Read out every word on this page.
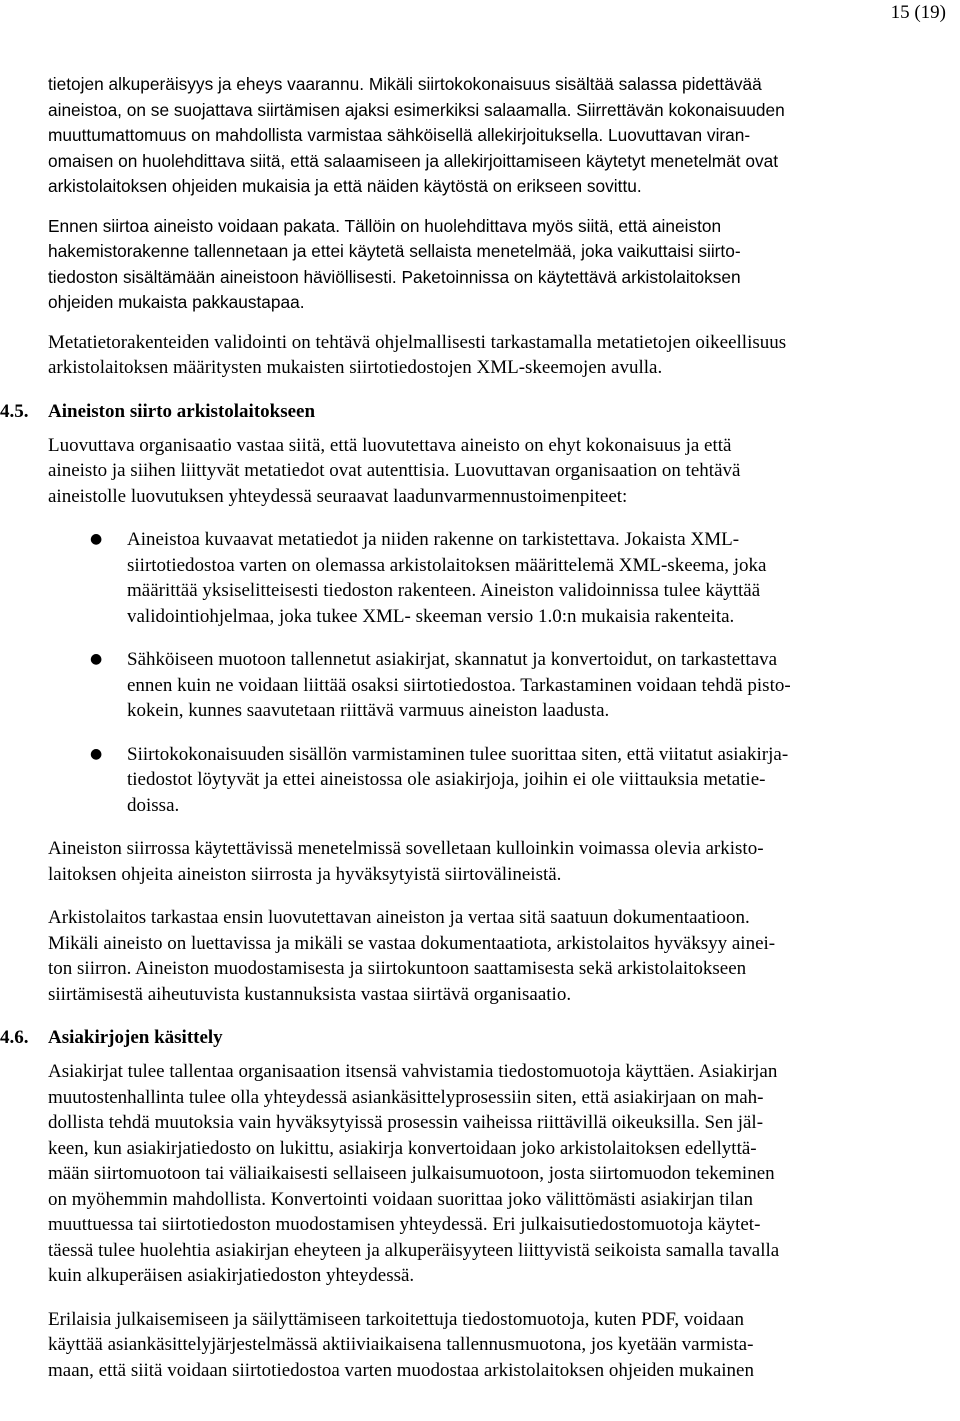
15 (19)
tietojen alkuperäisyys ja eheys vaarannu. Mikäli siirtokokonaisuus sisältää salassa pidettävää
aineistoa, on se suojattava siirtämisen ajaksi esimerkiksi salaamalla. Siirrettävän kokonaisuuden
muuttumattomuus on mahdollista varmistaa sähköisellä allekirjoituksella. Luovuttavan viran-
omaisen on huolehdittava siitä, että salaamiseen ja allekirjoittamiseen käytetyt menetelmät ovat
arkistolaitoksen ohjeiden mukaisia ja että näiden käytöstä on erikseen sovittu.
Ennen siirtoa aineisto voidaan pakata. Tällöin on huolehdittava myös siitä, että aineiston
hakemistorakenne tallennetaan ja ettei käytetä sellaista menetelmää, joka vaikuttaisi siirto-
tiedoston sisältämään aineistoon häviöllisesti. Paketoinnissa on käytettävä arkistolaitoksen
ohjeiden mukaista pakkaustapaa.
Metatietorakenteiden validointi on tehtävä ohjelmallisesti tarkastamalla metatietojen oikeellisuus
arkistolaitoksen määritysten mukaisten siirtotiedostojen XML-skeemojen avulla.
4.5. Aineiston siirto arkistolaitokseen
Luovuttava organisaatio vastaa siitä, että luovutettava aineisto on ehyt kokonaisuus ja että
aineisto ja siihen liittyvät metatiedot ovat autenttisia. Luovuttavan organisaation on tehtävä
aineistolle luovutuksen yhteydessä seuraavat laadunvarmennustoimenpiteet:
● Aineistoa kuvaavat metatiedot ja niiden rakenne on tarkistettava. Jokaista XML-
siirtotiedostoa varten on olemassa arkistolaitoksen määrittelemä XML-skeema, joka
määrittää yksiselitteisesti tiedoston rakenteen. Aineiston validoinnissa tulee käyttää
validointiohjelmaa, joka tukee XML- skeeman versio 1.0:n mukaisia rakenteita.
● Sähköiseen muotoon tallennetut asiakirjat, skannatut ja konvertoidut, on tarkastettava
ennen kuin ne voidaan liittää osaksi siirtotiedostoa. Tarkastaminen voidaan tehdä pisto-
kokein, kunnes saavutetaan riittävä varmuus aineiston laadusta.
● Siirtokokonaisuuden sisällön varmistaminen tulee suorittaa siten, että viitatut asiakirja-
tiedostot löytyvät ja ettei aineistossa ole asiakirjoja, joihin ei ole viittauksia metatie-
doissa.
Aineiston siirrossa käytettävissä menetelmissä sovelletaan kulloinkin voimassa olevia arkisto-
laitoksen ohjeita aineiston siirrosta ja hyväksytyistä siirtovälineistä.
Arkistolaitos tarkastaa ensin luovutettavan aineiston ja vertaa sitä saatuun dokumentaatioon.
Mikäli aineisto on luettavissa ja mikäli se vastaa dokumentaatiota, arkistolaitos hyväksyy ainei-
ton siirron. Aineiston muodostamisesta ja siirtokuntoon saattamisesta sekä arkistolaitokseen
siirtämisestä aiheutuvista kustannuksista vastaa siirtävä organisaatio.
4.6. Asiakirjojen käsittely
Asiakirjat tulee tallentaa organisaation itsensä vahvistamia tiedostomuotoja käyttäen. Asiakirjan
muutostenhallinta tulee olla yhteydessä asiankäsittelyprosessiin siten, että asiakirjaan on mah-
dollista tehdä muutoksia vain hyväksytyissä prosessin vaiheissa riittävillä oikeuksilla. Sen jäl-
keen, kun asiakirjatiedosto on lukittu, asiakirja konvertoidaan joko arkistolaitoksen edellyttä-
mään siirtomuotoon tai väliaikaisesti sellaiseen julkaisumuotoon, josta siirtomuodon tekeminen
on myöhemmin mahdollista. Konvertointi voidaan suorittaa joko välittömästi asiakirjan tilan
muuttuessa tai siirtotiedoston muodostamisen yhteydessä. Eri julkaisutiedostomuotoja käytet-
täessä tulee huolehtia asiakirjan eheyteen ja alkuperäisyyteen liittyvistä seikoista samalla tavalla
kuin alkuperäisen asiakirjatiedoston yhteydessä.
Erilaisia julkaisemiseen ja säilyttämiseen tarkoitettuja tiedostomuotoja, kuten PDF, voidaan
käyttää asiankäsittelyjärjestelmässä aktiiviaikaisena tallennusmuotona, jos kyetään varmista-
maan, että siitä voidaan siirtotiedostoa varten muodostaa arkistolaitoksen ohjeiden mukainen
